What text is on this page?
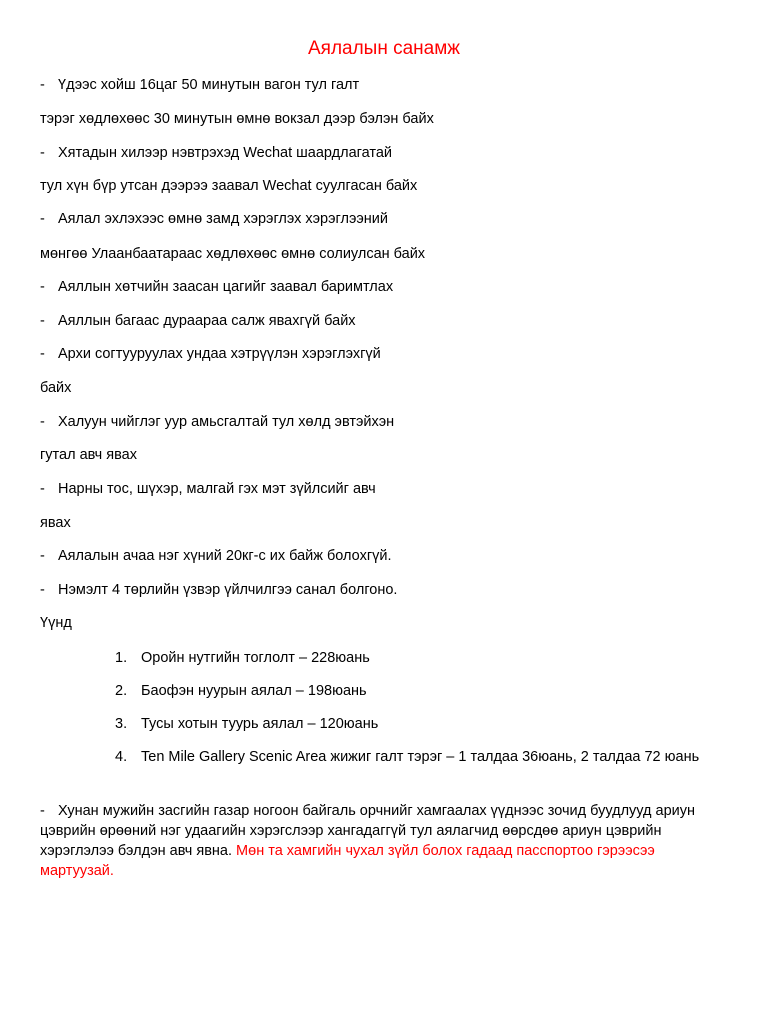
Аялалын санамж
- Үдээс хойш 16цаг 50 минутын вагон тул галт
тэрэг хөдлөхөөс 30 минутын өмнө вокзал дээр бэлэн байх
- Хятадын хилээр нэвтрэхэд Wechat шаардлагатай
тул хүн бүр утсан дээрээ заавал Wechat суулгасан байх
- Аялал эхлэхээс өмнө замд хэрэглэх хэрэглээний
мөнгөө Улаанбаатараас хөдлөхөөс өмнө солиулсан байх
- Аяллын хөтчийн заасан цагийг заавал баримтлах
- Аяллын багаас дураараа салж явахгүй байх
- Архи согтууруулах ундаа хэтрүүлэн хэрэглэхгүй
байх
- Халуун чийглэг уур амьсгалтай тул хөлд эвтэйхэн
гутал авч явах
- Нарны тос, шүхэр, малгай гэх мэт зүйлсийг авч
явах
- Аялалын ачаа нэг хүний 20кг-с их байж болохгүй.
- Нэмэлт 4 төрлийн үзвэр үйлчилгээ санал болгоно.
Үүнд
1. Оройн нутгийн тоглолт – 228юань
2. Баофэн нуурын аялал – 198юань
3. Тусы хотын туурь аялал – 120юань
4. Ten Mile Gallery Scenic Area жижиг галт тэрэг – 1 талдаа 36юань, 2 талдаа 72 юань
- Хунан мужийн засгийн газар ногоон байгаль орчнийг хамгаалах үүднээс зочид буудлууд ариун цэврийн өрөөний нэг удаагийн хэрэгслээр хангадаггүй тул аялагчид өөрсдөө ариун цэврийн хэрэглэлээ бэлдэн авч явна. Мөн та хамгийн чухал зүйл болох гадаад пасспортоо гэрээсээ мартуузай.
